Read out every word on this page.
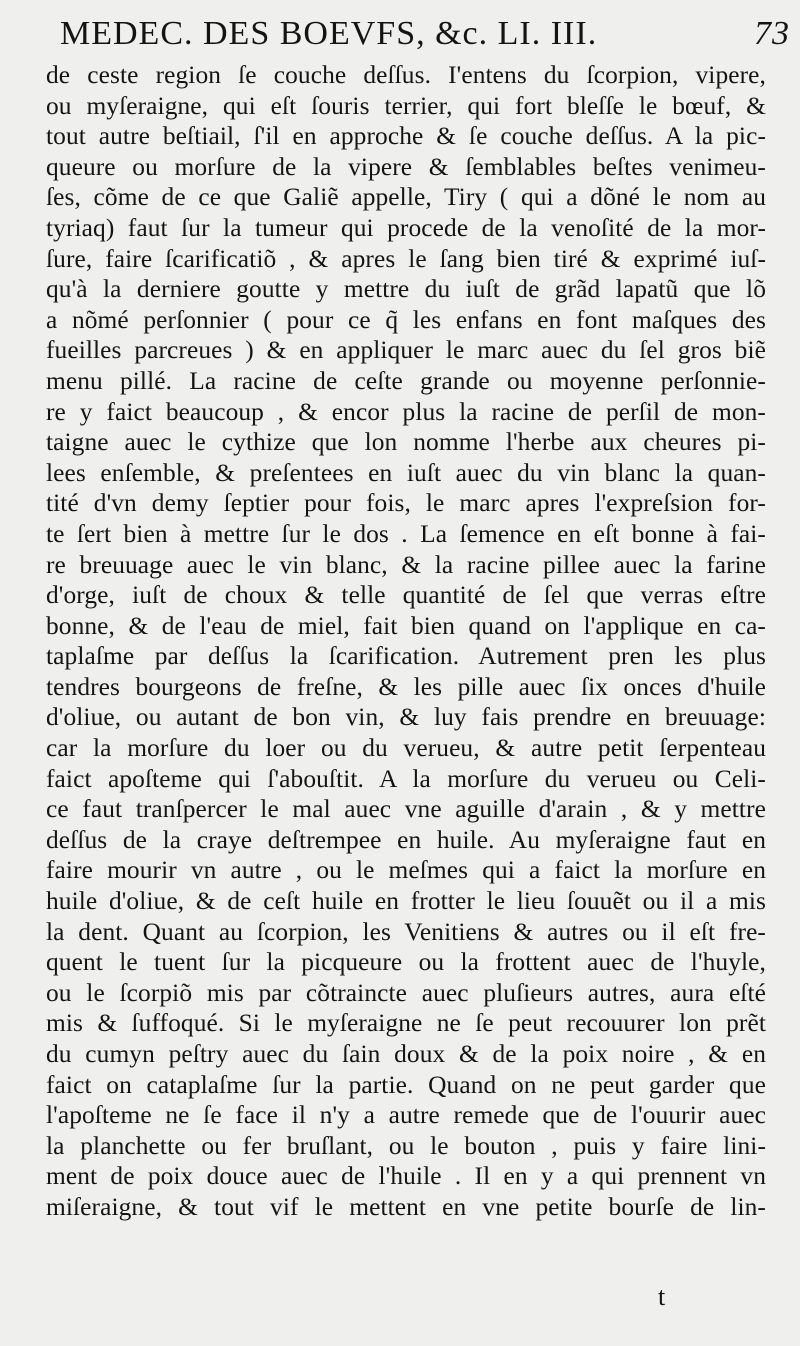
MEDEC. DES BOEVFS, &c. LI. III.	73
de ceste region ſe couche deſſus. I'entens du ſcorpion, vipere,
ou myſeraigne, qui eſt ſouris terrier, qui fort bleſſe le bœuf, &
tout autre beſtiail, ſ'il en approche & ſe couche deſſus. A la pic-
queure ou morſure de la vipere & ſemblables beſtes venimeu-
ſes, cõme de ce que Galiẽ appelle, Tiry ( qui a dõné le nom au
tyriaq) faut ſur la tumeur qui procede de la venoſité de la mor-
ſure, faire ſcarificatiõ , & apres le ſang bien tiré & exprimé iuſ-
qu'à la derniere goutte y mettre du iuſt de grãd lapatũ que lõ
a nõmé perſonnier ( pour ce q̃ les enfans en font maſques des
fueilles parcreues ) & en appliquer le marc auec du ſel gros biẽ
menu pillé. La racine de ceſte grande ou moyenne perſonnie-
re y faict beaucoup , & encor plus la racine de perſil de mon-
taigne auec le cythize que lon nomme l'herbe aux cheures pi-
lees enſemble, & preſentees en iuſt auec du vin blanc la quan-
tité d'vn demy ſeptier pour fois, le marc apres l'expreſsion for-
te ſert bien à mettre ſur le dos . La ſemence en eſt bonne à fai-
re breuuage auec le vin blanc, & la racine pillee auec la farine
d'orge, iuſt de choux & telle quantité de ſel que verras eſtre
bonne, & de l'eau de miel, fait bien quand on l'applique en ca-
taplaſme par deſſus la ſcarification. Autrement pren les plus
tendres bourgeons de freſne, & les pille auec ſix onces d'huile
d'oliue, ou autant de bon vin, & luy fais prendre en breuuage:
car la morſure du loer ou du verueu, & autre petit ſerpenteau
faict apoſteme qui ſ'abouſtit. A la morſure du verueu ou Celi-
ce faut tranſpercer le mal auec vne aguille d'arain , & y mettre
deſſus de la craye deſtrempee en huile. Au myſeraigne faut en
faire mourir vn autre , ou le meſmes qui a faict la morſure en
huile d'oliue, & de ceſt huile en frotter le lieu ſouuẽt ou il a mis
la dent. Quant au ſcorpion, les Venitiens & autres ou il eſt fre-
quent le tuent ſur la picqueure ou la frottent auec de l'huyle,
ou le ſcorpiõ mis par cõtraincte auec pluſieurs autres, aura eſté
mis & ſuffoqué. Si le myſeraigne ne ſe peut recouurer lon prẽt
du cumyn peſtry auec du ſain doux & de la poix noire , & en
faict on cataplaſme ſur la partie. Quand on ne peut garder que
l'apoſteme ne ſe face il n'y a autre remede que de l'ouurir auec
la planchette ou fer bruſlant, ou le bouton , puis y faire lini-
ment de poix douce auec de l'huile . Il en y a qui prennent vn
miſeraigne, & tout vif le mettent en vne petite bourſe de lin-
t
